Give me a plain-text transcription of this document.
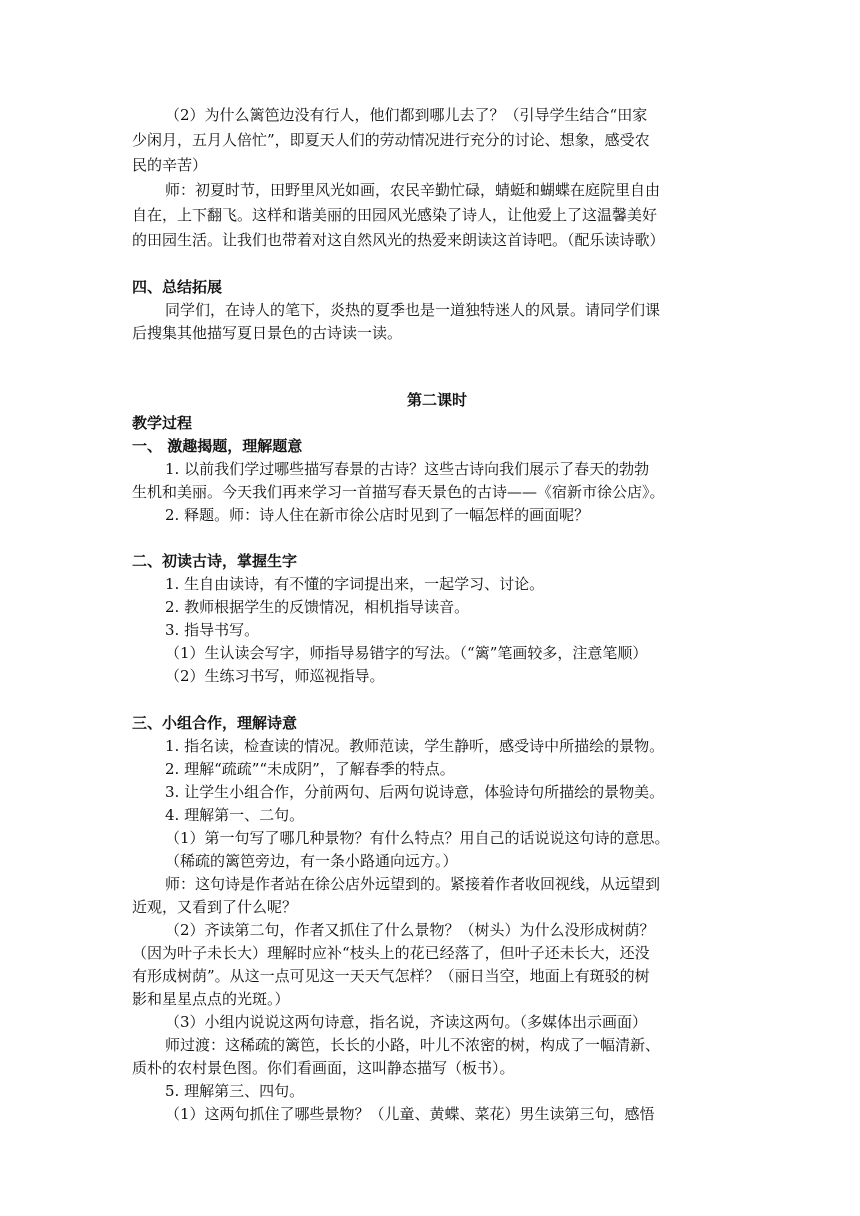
（2）为什么篱笆边没有行人，他们都到哪儿去了？（引导学生结合“田家
少闲月，五月人倍忙”，即夏天人们的劳动情况进行充分的讨论、想象，感受农
民的辛苦）
师：初夏时节，田野里风光如画，农民辛勤忙碌，蜻蜓和蝴蝶在庭院里自由
自在，上下翻飞。这样和谐美丽的田园风光感染了诗人，让他爱上了这温馨美好
的田园生活。让我们也带着对这自然风光的热爱来朗读这首诗吧。（配乐读诗歌）
四、总结拓展
同学们，在诗人的笔下，炎热的夏季也是一道独特迷人的风景。请同学们课
后搜集其他描写夏日景色的古诗读一读。
第二课时
教学过程
一、 激趣揭题，理解题意
1. 以前我们学过哪些描写春景的古诗？这些古诗向我们展示了春天的勃勃
生机和美丽。今天我们再来学习一首描写春天景色的古诗——《宿新市徐公店》。
2. 释题。师：诗人住在新市徐公店时见到了一幅怎样的画面呢？
二、初读古诗，掌握生字
1. 生自由读诗，有不懂的字词提出来，一起学习、讨论。
2. 教师根据学生的反馈情况，相机指导读音。
3. 指导书写。
（1）生认读会写字，师指导易错字的写法。（“篱”笔画较多，注意笔顺）
（2）生练习书写，师巡视指导。
三、小组合作，理解诗意
1. 指名读，检查读的情况。教师范读，学生静听，感受诗中所描绘的景物。
2. 理解“疏疏”“未成阴”，了解春季的特点。
3. 让学生小组合作，分前两句、后两句说诗意，体验诗句所描绘的景物美。
4. 理解第一、二句。
（1）第一句写了哪几种景物？有什么特点？用自己的话说说这句诗的意思。
（稀疏的篱笆旁边，有一条小路通向远方。）
师：这句诗是作者站在徐公店外远望到的。紧接着作者收回视线，从远望到
近观，又看到了什么呢？
（2）齐读第二句，作者又抓住了什么景物？（树头）为什么没形成树荫？
（因为叶子未长大）理解时应补“枝头上的花已经落了，但叶子还未长大，还没
有形成树荫”。从这一点可见这一天天气怎样？（丽日当空，地面上有斑驳的树
影和星星点点的光斑。）
（3）小组内说说这两句诗意，指名说，齐读这两句。（多媒体出示画面）
师过渡：这稀疏的篱笆，长长的小路，叶儿不浓密的树，构成了一幅清新、
质朴的农村景色图。你们看画面，这叫静态描写（板书）。
5. 理解第三、四句。
（1）这两句抓住了哪些景物？（儿童、黄蝶、菜花）男生读第三句，感悟
